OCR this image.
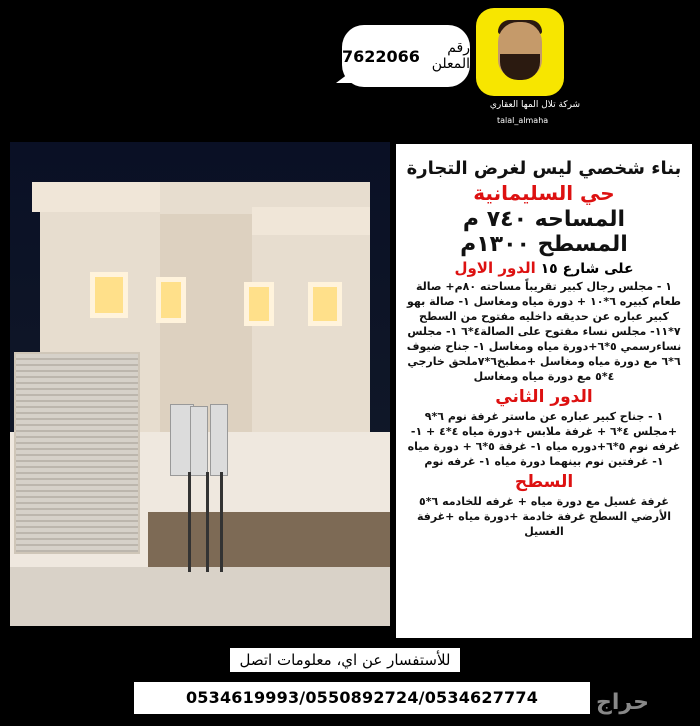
رقم المعلن
7622066
شركة تلال المها العقاري
talal_almaha
بناء شخصي ليس لغرض التجارة
حي السليمانية
المساحه ٧٤٠ م
المسطح ١٣٠٠م
على شارع ١٥ الدور الاول
١ - مجلس رجال كبير تقريباً مساحته ٨٠م+ صالة طعام كبيره ٦*١٠ + دورة مياه ومغاسل ١- صالة بهو كبير عباره عن حديقه داخليه مفتوح من السطح ٧*١١- مجلس نساء مفتوح على الصالة٤*٦ ١- مجلس نساءرسمي ٥*٦+دورة مياه ومغاسل ١- جناح ضيوف ٦*٦ مع دورة مياه ومغاسل +مطبخ٦*٧ملحق خارجي ٤*٥ مع دورة مياه ومغاسل
الدور الثاني
١ - جناح كبير عباره عن ماستر غرفة نوم ٦*٩ +مجلس ٤*٦ + غرفة ملابس +دورة مياه ٤*٤ + ١- غرفه نوم ٥*٦+دوره مياه ١- غرفة ٥*٦ + دورة مياه ١- غرفتين نوم بينهما دورة مياه ١- غرفه نوم
السطح
غرفة غسيل مع دورة مياه + غرفه للخادمه ٦*٥ الأرضي السطح غرفة خادمة +دورة مياه +غرفة الغسيل
للأستفسار عن اي، معلومات اتصل
0534619993/0550892724/0534627774	حراج
